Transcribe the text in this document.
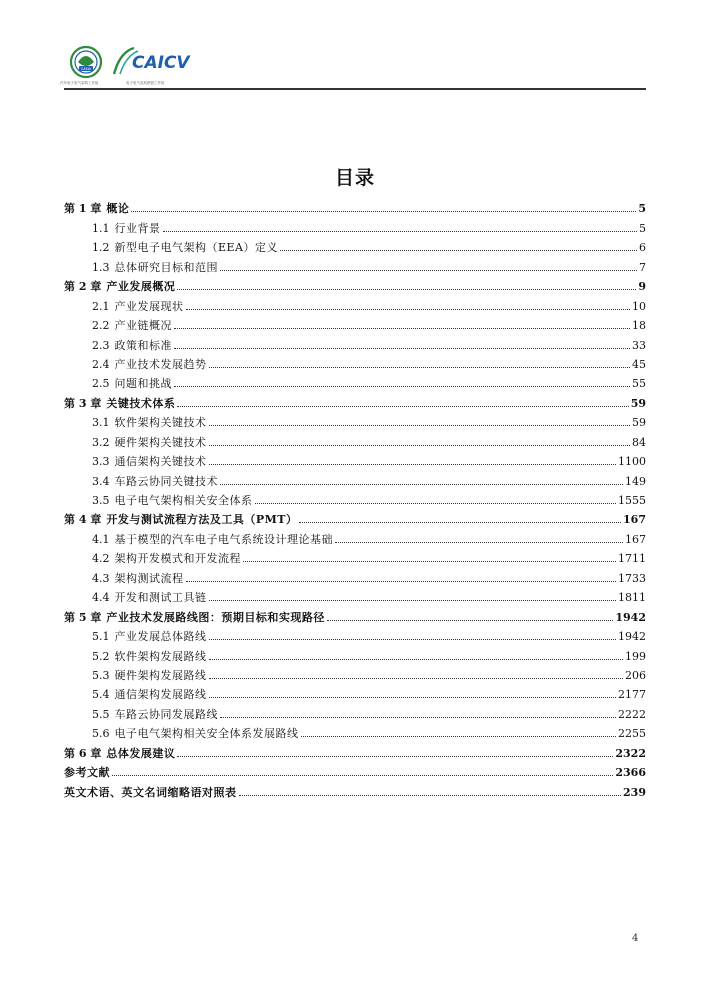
CAEAI
汽车电子电气架构工作组
CAICV
电子电气架构联盟工作组
目录
第 1 章 概论	5
1.1 行业背景	5
1.2 新型电子电气架构（EEA）定义	6
1.3 总体研究目标和范围	7
第 2 章 产业发展概况	9
2.1 产业发展现状	10
2.2 产业链概况	18
2.3 政策和标准	33
2.4 产业技术发展趋势	45
2.5 问题和挑战	55
第 3 章 关键技术体系	59
3.1 软件架构关键技术	59
3.2 硬件架构关键技术	84
3.3 通信架构关键技术	1100
3.4 车路云协同关键技术	149
3.5 电子电气架构相关安全体系	1555
第 4 章 开发与测试流程方法及工具（PMT）	167
4.1 基于模型的汽车电子电气系统设计理论基础	167
4.2 架构开发模式和开发流程	1711
4.3 架构测试流程	1733
4.4 开发和测试工具链	1811
第 5 章 产业技术发展路线图：预期目标和实现路径	1942
5.1 产业发展总体路线	1942
5.2 软件架构发展路线	199
5.3 硬件架构发展路线	206
5.4 通信架构发展路线	2177
5.5 车路云协同发展路线	2222
5.6 电子电气架构相关安全体系发展路线	2255
第 6 章 总体发展建议	2322
参考文献	2366
英文术语、英文名词缩略语对照表	239
4
